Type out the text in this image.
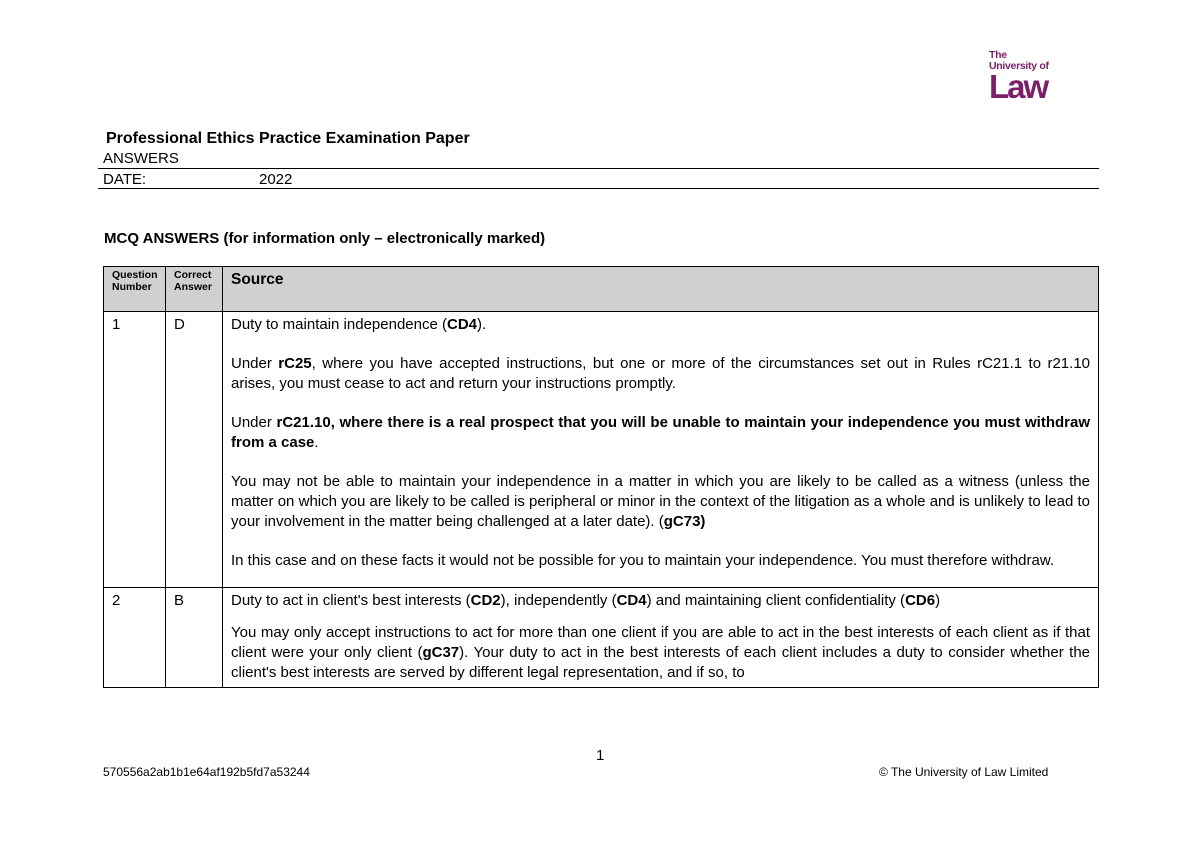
The
University of
Law
Professional Ethics Practice Examination Paper
ANSWERS
DATE:	2022
MCQ ANSWERS (for information only – electronically marked)
Question Number	Correct Answer	Source
1	D	Duty to maintain independence (CD4).

Under rC25, where you have accepted instructions, but one or more of the circumstances set out in Rules rC21.1 to r21.10 arises, you must cease to act and return your instructions promptly.

Under rC21.10, where there is a real prospect that you will be unable to maintain your independence you must withdraw from a case.

You may not be able to maintain your independence in a matter in which you are likely to be called as a witness (unless the matter on which you are likely to be called is peripheral or minor in the context of the litigation as a whole and is unlikely to lead to your involvement in the matter being challenged at a later date). (gC73)

In this case and on these facts it would not be possible for you to maintain your independence. You must therefore withdraw.

2	B	Duty to act in client's best interests (CD2), independently (CD4) and maintaining client confidentiality (CD6)

You may only accept instructions to act for more than one client if you are able to act in the best interests of each client as if that client were your only client (gC37). Your duty to act in the best interests of each client includes a duty to consider whether the client's best interests are served by different legal representation, and if so, to

1
570556a2ab1b1e64af192b5fd7a53244	© The University of Law Limited
